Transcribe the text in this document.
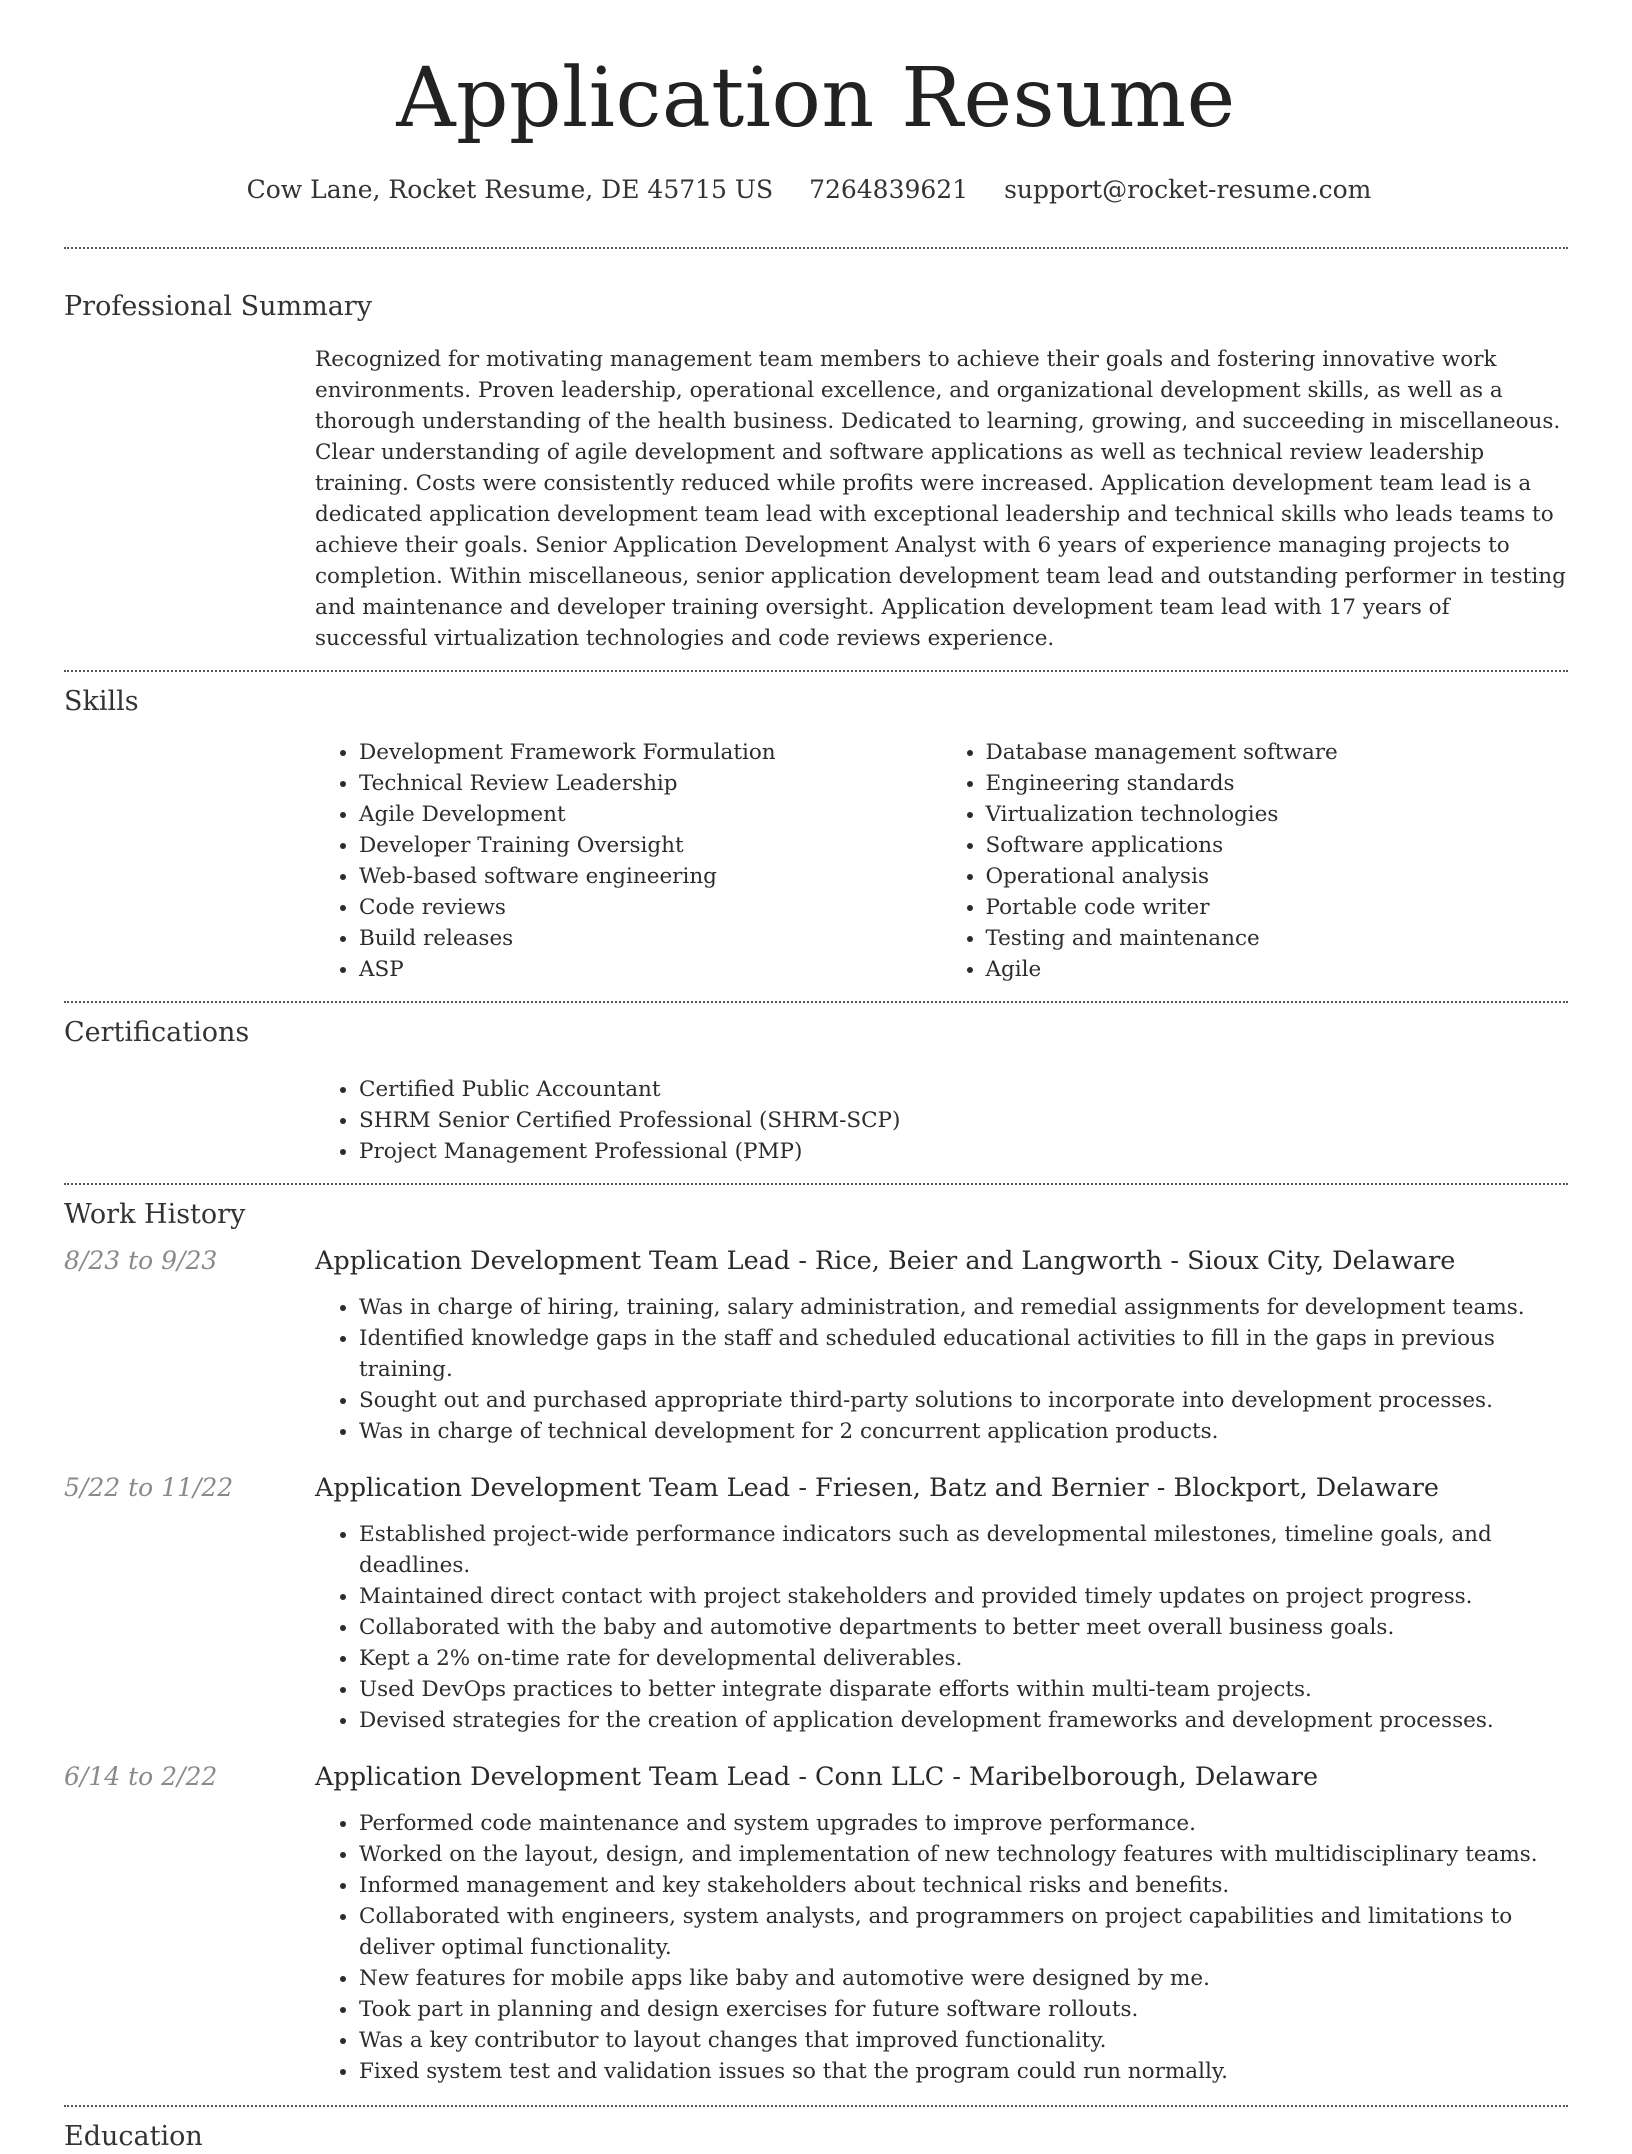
Application Resume
Cow Lane, Rocket Resume, DE 45715 US 7264839621 support@rocket-resume.com
Professional Summary
Recognized for motivating management team members to achieve their goals and fostering innovative work environments. Proven leadership, operational excellence, and organizational development skills, as well as a thorough understanding of the health business. Dedicated to learning, growing, and succeeding in miscellaneous. Clear understanding of agile development and software applications as well as technical review leadership training. Costs were consistently reduced while profits were increased. Application development team lead is a dedicated application development team lead with exceptional leadership and technical skills who leads teams to achieve their goals. Senior Application Development Analyst with 6 years of experience managing projects to completion. Within miscellaneous, senior application development team lead and outstanding performer in testing and maintenance and developer training oversight. Application development team lead with 17 years of successful virtualization technologies and code reviews experience.
Skills
• Development Framework Formulation
• Technical Review Leadership
• Agile Development
• Developer Training Oversight
• Web-based software engineering
• Code reviews
• Build releases
• ASP
• Database management software
• Engineering standards
• Virtualization technologies
• Software applications
• Operational analysis
• Portable code writer
• Testing and maintenance
• Agile
Certifications
• Certified Public Accountant
• SHRM Senior Certified Professional (SHRM-SCP)
• Project Management Professional (PMP)
Work History
8/23 to 9/23	Application Development Team Lead - Rice, Beier and Langworth - Sioux City, Delaware
• Was in charge of hiring, training, salary administration, and remedial assignments for development teams.
• Identified knowledge gaps in the staff and scheduled educational activities to fill in the gaps in previous training.
• Sought out and purchased appropriate third-party solutions to incorporate into development processes.
• Was in charge of technical development for 2 concurrent application products.
5/22 to 11/22	Application Development Team Lead - Friesen, Batz and Bernier - Blockport, Delaware
• Established project-wide performance indicators such as developmental milestones, timeline goals, and deadlines.
• Maintained direct contact with project stakeholders and provided timely updates on project progress.
• Collaborated with the baby and automotive departments to better meet overall business goals.
• Kept a 2% on-time rate for developmental deliverables.
• Used DevOps practices to better integrate disparate efforts within multi-team projects.
• Devised strategies for the creation of application development frameworks and development processes.
6/14 to 2/22	Application Development Team Lead - Conn LLC - Maribelborough, Delaware
• Performed code maintenance and system upgrades to improve performance.
• Worked on the layout, design, and implementation of new technology features with multidisciplinary teams.
• Informed management and key stakeholders about technical risks and benefits.
• Collaborated with engineers, system analysts, and programmers on project capabilities and limitations to deliver optimal functionality.
• New features for mobile apps like baby and automotive were designed by me.
• Took part in planning and design exercises for future software rollouts.
• Was a key contributor to layout changes that improved functionality.
• Fixed system test and validation issues so that the program could run normally.
Education
